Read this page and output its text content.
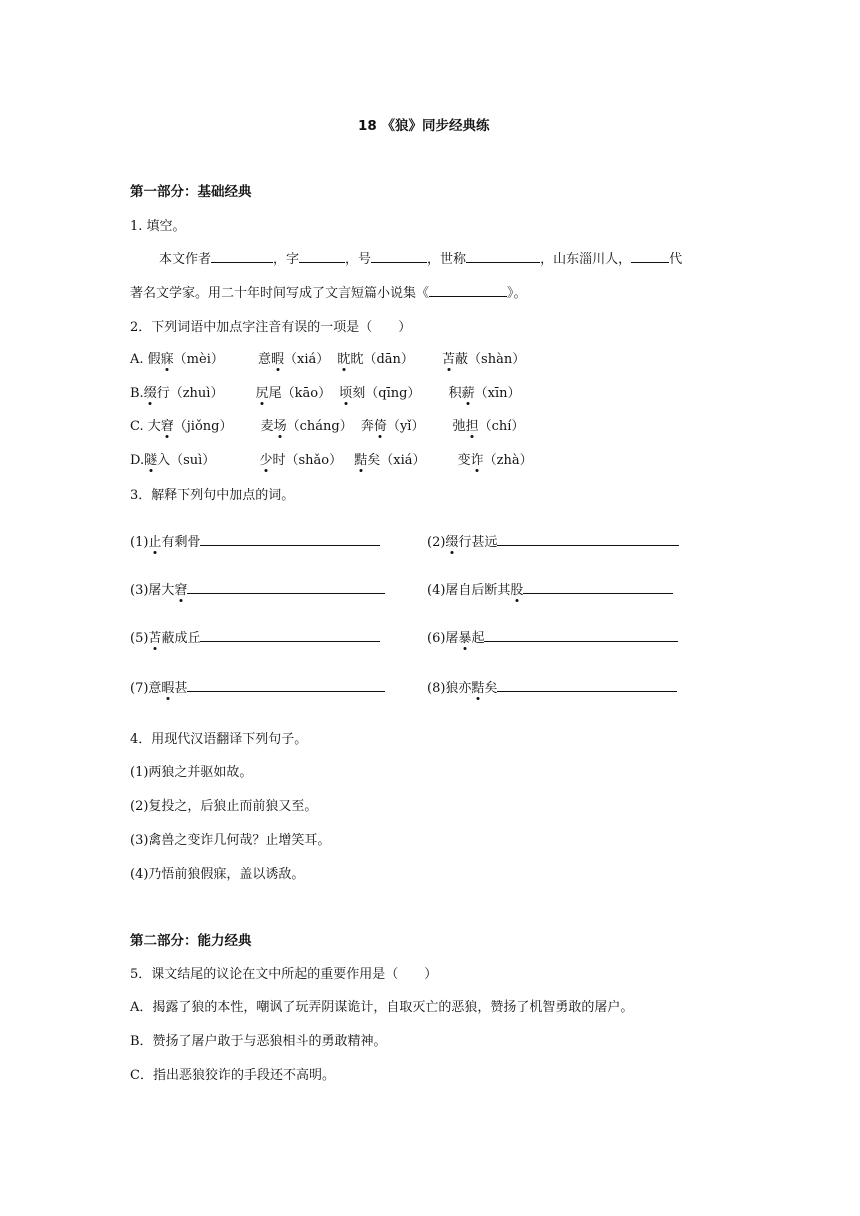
18 《狼》同步经典练
第一部分：基础经典
1. 填空。
本文作者	，字	，号	，世称	，山东淄川人，	代
著名文学家。用二十年时间写成了文言短篇小说集《	》。
2．下列词语中加点字注音有误的一项是（　　）
A. 假寐（mèi）	意暇（xiá） 眈眈（dān） 苫蔽（shàn）
B.缀行（zhuì） 尻尾（kāo） 顷刻（qīng） 积薪（xīn）
C. 大窘（jiǒng） 麦场（cháng） 奔倚（yǐ） 弛担（chí）
D.隧入（suì）	少时（shǎo） 黠矣（xiá） 变诈（zhà）
3．解释下列句中加点的词。
(1)止有剩骨	(2)缀行甚远
(3)屠大窘	(4)屠自后断其股
(5)苫蔽成丘	(6)屠暴起
(7)意暇甚	(8)狼亦黠矣
4．用现代汉语翻译下列句子。
(1)两狼之并驱如故。
(2)复投之，后狼止而前狼又至。
(3)禽兽之变诈几何哉？止增笑耳。
(4)乃悟前狼假寐，盖以诱敌。
第二部分：能力经典
5．课文结尾的议论在文中所起的重要作用是（　　）
A．揭露了狼的本性，嘲讽了玩弄阴谋诡计，自取灭亡的恶狼，赞扬了机智勇敢的屠户。
B．赞扬了屠户敢于与恶狼相斗的勇敢精神。
C．指出恶狼狡诈的手段还不高明。
